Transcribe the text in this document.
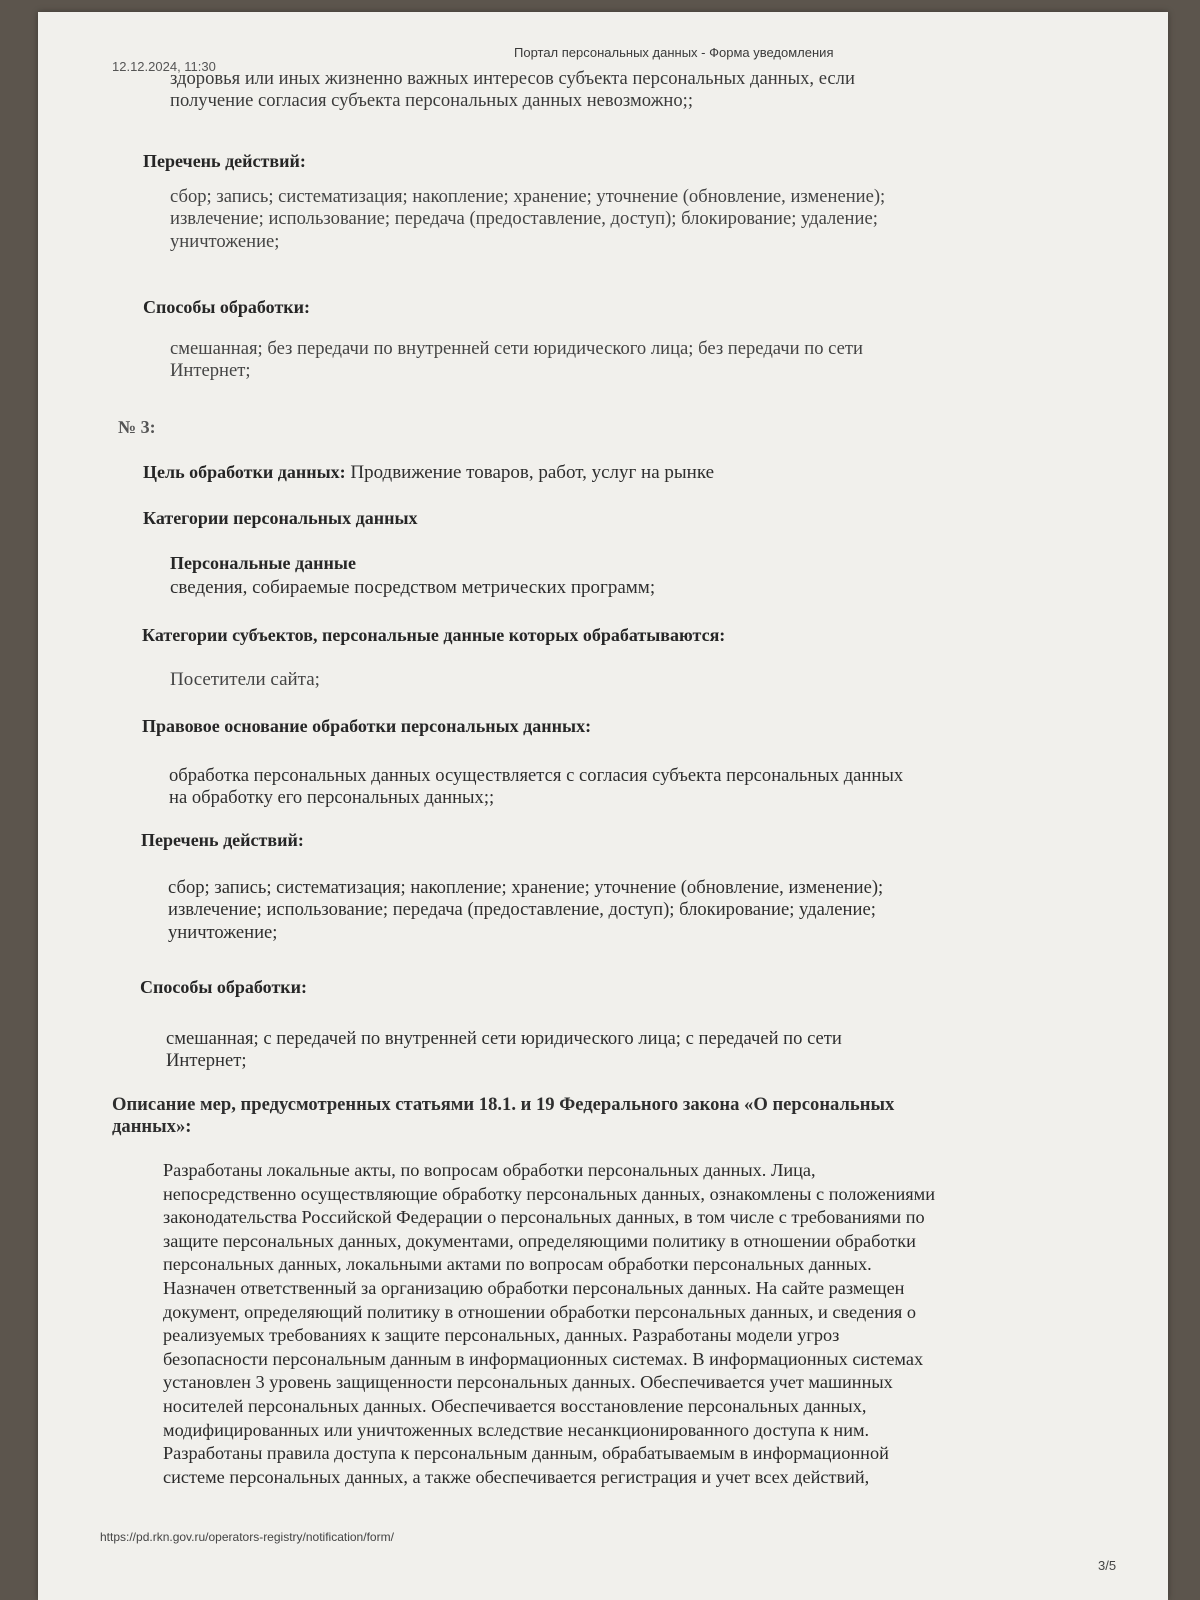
12.12.2024, 11:30
Портал персональных данных - Форма уведомления
здоровья или иных жизненно важных интересов субъекта персональных данных, если
получение согласия субъекта персональных данных невозможно;;
Перечень действий:
сбор; запись; систематизация; накопление; хранение; уточнение (обновление, изменение);
извлечение; использование; передача (предоставление, доступ); блокирование; удаление;
уничтожение;
Способы обработки:
смешанная; без передачи по внутренней сети юридического лица; без передачи по сети
Интернет;
№ 3:
Цель обработки данных: Продвижение товаров, работ, услуг на рынке
Категории персональных данных
Персональные данные
сведения, собираемые посредством метрических программ;
Категории субъектов, персональные данные которых обрабатываются:
Посетители сайта;
Правовое основание обработки персональных данных:
обработка персональных данных осуществляется с согласия субъекта персональных данных
на обработку его персональных данных;;
Перечень действий:
сбор; запись; систематизация; накопление; хранение; уточнение (обновление, изменение);
извлечение; использование; передача (предоставление, доступ); блокирование; удаление;
уничтожение;
Способы обработки:
смешанная; с передачей по внутренней сети юридического лица; с передачей по сети
Интернет;
Описание мер, предусмотренных статьями 18.1. и 19 Федерального закона «О персональных
данных»:
Разработаны локальные акты, по вопросам обработки персональных данных. Лица,
непосредственно осуществляющие обработку персональных данных, ознакомлены с положениями
законодательства Российской Федерации о персональных данных, в том числе с требованиями по
защите персональных данных, документами, определяющими политику в отношении обработки
персональных данных, локальными актами по вопросам обработки персональных данных.
Назначен ответственный за организацию обработки персональных данных. На сайте размещен
документ, определяющий политику в отношении обработки персональных данных, и сведения о
реализуемых требованиях к защите персональных, данных. Разработаны модели угроз
безопасности персональным данным в информационных системах. В информационных системах
установлен 3 уровень защищенности персональных данных. Обеспечивается учет машинных
носителей персональных данных. Обеспечивается восстановление персональных данных,
модифицированных или уничтоженных вследствие несанкционированного доступа к ним.
Разработаны правила доступа к персональным данным, обрабатываемым в информационной
системе персональных данных, а также обеспечивается регистрация и учет всех действий,
https://pd.rkn.gov.ru/operators-registry/notification/form/
3/5
